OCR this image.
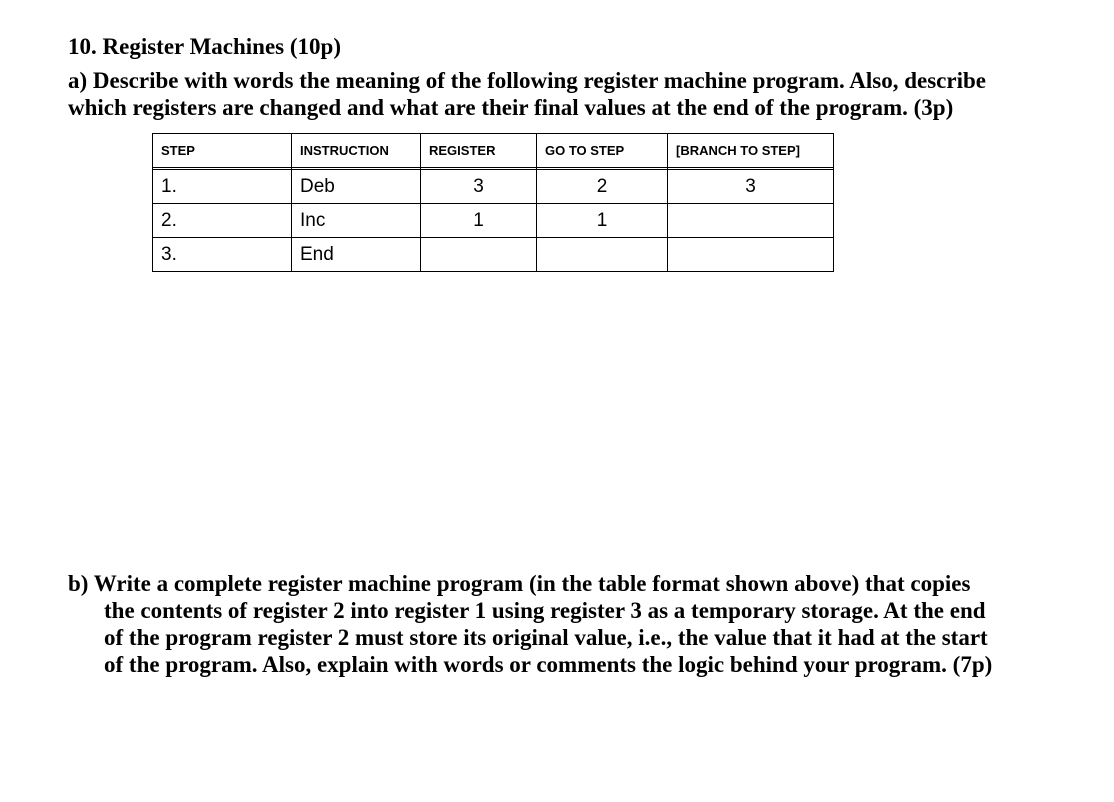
10. Register Machines (10p)
a) Describe with words the meaning of the following register machine program. Also, describe
which registers are changed and what are their final values at the end of the program. (3p)
STEP	INSTRUCTION	REGISTER	GO TO STEP	[BRANCH TO STEP]

1.	Deb	3	2	3
2.	Inc	1	1	
3.	End			
b) Write a complete register machine program (in the table format shown above) that copies
the contents of register 2 into register 1 using register 3 as a temporary storage. At the end
of the program register 2 must store its original value, i.e., the value that it had at the start
of the program. Also, explain with words or comments the logic behind your program. (7p)
